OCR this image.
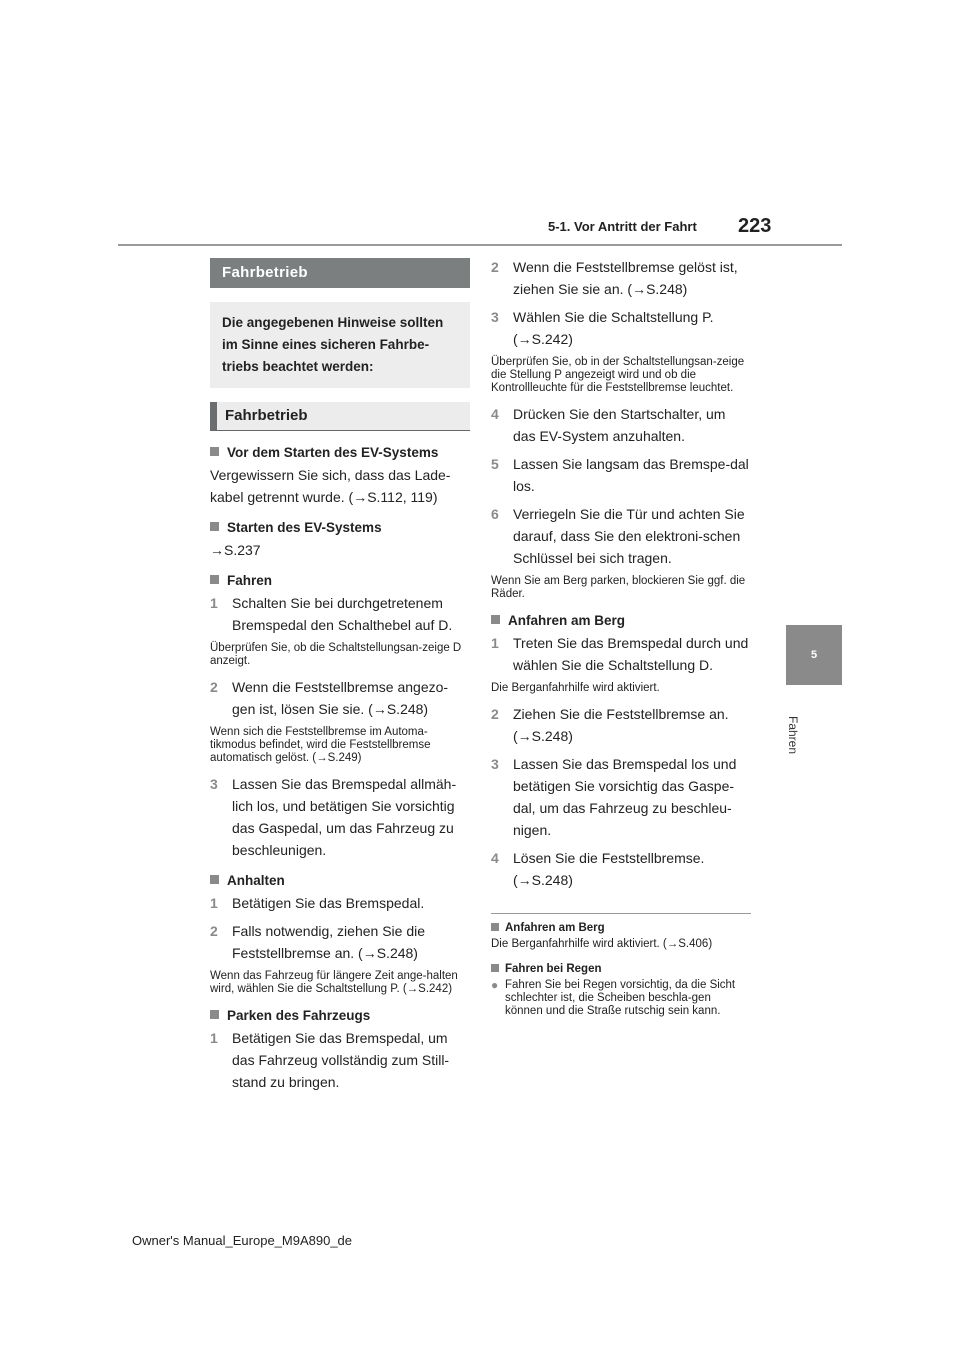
5-1. Vor Antritt der Fahrt 223
5
Fahren
Fahrbetrieb
Die angegebenen Hinweise sollten
im Sinne eines sicheren Fahrbe-
triebs beachtet werden:
Fahrbetrieb
Vor dem Starten des EV-Systems
Vergewissern Sie sich, dass das Lade-
kabel getrennt wurde. (→S.112, 119)
Starten des EV-Systems
→S.237
Fahren
1	Schalten Sie bei durchgetretenem Bremspedal den Schalthebel auf D.
Überprüfen Sie, ob die Schaltstellungsan-zeige D anzeigt.
2	Wenn die Feststellbremse angezo-gen ist, lösen Sie sie. (→S.248)
Wenn sich die Feststellbremse im Automa-tikmodus befindet, wird die Feststellbremse automatisch gelöst. (→S.249)
3	Lassen Sie das Bremspedal allmäh-lich los, und betätigen Sie vorsichtig das Gaspedal, um das Fahrzeug zu beschleunigen.
Anhalten
1	Betätigen Sie das Bremspedal.
2	Falls notwendig, ziehen Sie die Feststellbremse an. (→S.248)
Wenn das Fahrzeug für längere Zeit ange-halten wird, wählen Sie die Schaltstellung P. (→S.242)
Parken des Fahrzeugs
1	Betätigen Sie das Bremspedal, um das Fahrzeug vollständig zum Still-stand zu bringen.
2	Wenn die Feststellbremse gelöst ist, ziehen Sie sie an. (→S.248)
3	Wählen Sie die Schaltstellung P. (→S.242)
Überprüfen Sie, ob in der Schaltstellungsan-zeige die Stellung P angezeigt wird und ob die Kontrollleuchte für die Feststellbremse leuchtet.
4	Drücken Sie den Startschalter, um das EV-System anzuhalten.
5	Lassen Sie langsam das Bremspe-dal los.
6	Verriegeln Sie die Tür und achten Sie darauf, dass Sie den elektroni-schen Schlüssel bei sich tragen.
Wenn Sie am Berg parken, blockieren Sie ggf. die Räder.
Anfahren am Berg
1	Treten Sie das Bremspedal durch und wählen Sie die Schaltstellung D.
Die Berganfahrhilfe wird aktiviert.
2	Ziehen Sie die Feststellbremse an. (→S.248)
3	Lassen Sie das Bremspedal los und betätigen Sie vorsichtig das Gaspe-dal, um das Fahrzeug zu beschleu-nigen.
4	Lösen Sie die Feststellbremse. (→S.248)
Anfahren am Berg
Die Berganfahrhilfe wird aktiviert. (→S.406)
Fahren bei Regen
● Fahren Sie bei Regen vorsichtig, da die Sicht schlechter ist, die Scheiben beschla-gen können und die Straße rutschig sein kann.
Owner's Manual_Europe_M9A890_de
